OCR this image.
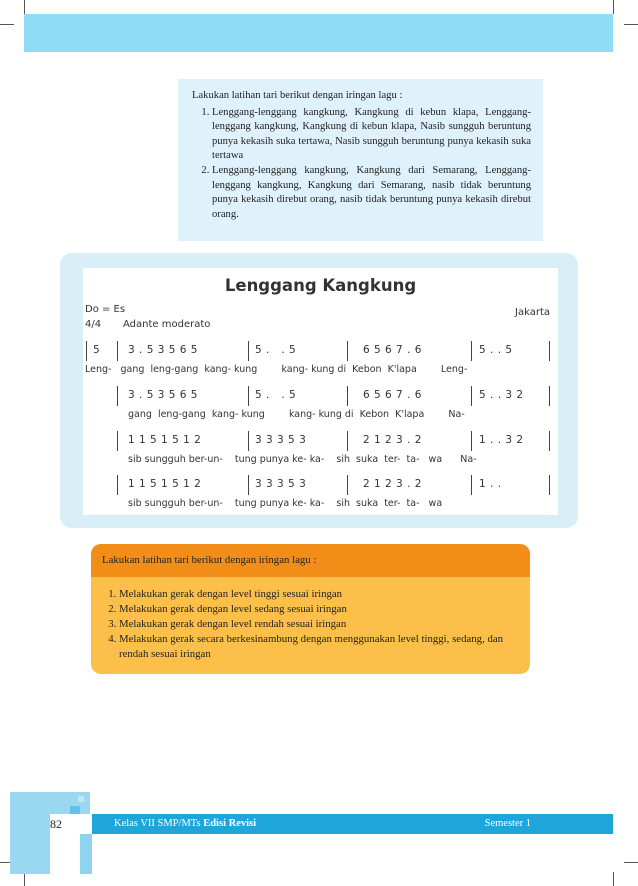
Lakukan latihan tari berikut dengan iringan lagu :
1. Lenggang-lenggang kangkung, Kangkung di kebun klapa, Lenggang-lenggang kangkung, Kangkung di kebun klapa, Nasib sungguh beruntung punya kekasih suka tertawa, Nasib sungguh beruntung punya kekasih suka tertawa
2. Lenggang-lenggang kangkung, Kangkung dari Semarang, Lenggang-lenggang kangkung, Kangkung dari Semarang, nasib tidak beruntung punya kekasih direbut orang, nasib tidak beruntung punya kekasih direbut orang.
Lenggang Kangkung
Do = Es
4/4 Adante moderato
Jakarta
5	3 . 5 3 5 6 5	5 .   . 5	6 5 6 7 . 6	5 . . 5
Leng-   gang  leng-gang  kang- kung        kang- kung di  Kebon  K'lapa        Leng-
3 . 5 3 5 6 5	5 .   . 5	6 5 6 7 . 6	5 . . 3 2
gang  leng-gang  kang- kung        kang- kung di  Kebon  K'lapa        Na-
1 1 5 1 5 1 2	3 3 3 5 3	2 1 2 3 . 2	1 . . 3 2
sib sungguh ber-un-    tung punya ke- ka-    sih  suka  ter-  ta-   wa      Na-
1 1 5 1 5 1 2	3 3 3 5 3	2 1 2 3 . 2	1 . .
sib sungguh ber-un-    tung punya ke- ka-    sih  suka  ter-  ta-   wa
Lakukan latihan tari berikut dengan iringan lagu :
1. Melakukan gerak dengan level tinggi sesuai iringan
2. Melakukan gerak dengan level sedang sesuai iringan
3. Melakukan gerak dengan level rendah sesuai iringan
4. Melakukan gerak secara berkesinambung dengan menggunakan level tinggi, sedang, dan rendah sesuai iringan
82	Kelas VII SMP/MTs Edisi Revisi	Semester 1
